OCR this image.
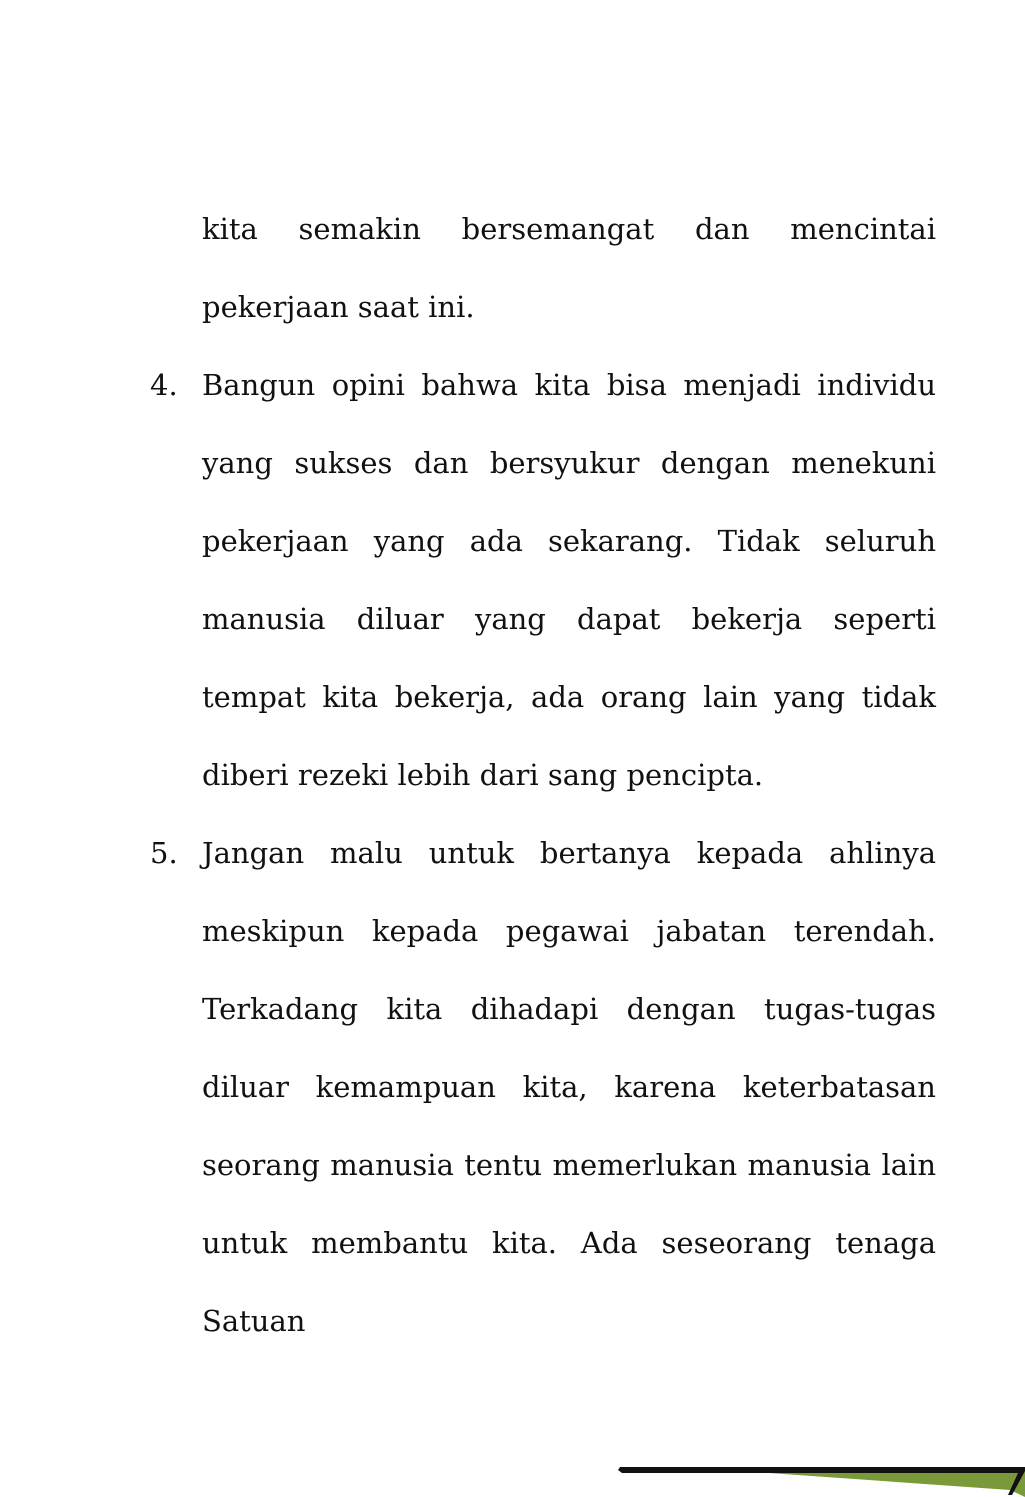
kita semakin bersemangat dan mencintai pekerjaan saat ini.

4. Bangun opini bahwa kita bisa menjadi individu yang sukses dan bersyukur dengan menekuni pekerjaan yang ada sekarang. Tidak seluruh manusia diluar yang dapat bekerja seperti tempat kita bekerja, ada orang lain yang tidak diberi rezeki lebih dari sang pencipta.

5. Jangan malu untuk bertanya kepada ahlinya meskipun kepada pegawai jabatan terendah. Terkadang kita dihadapi dengan tugas-tugas diluar kemampuan kita, karena keterbatasan seorang manusia tentu memerlukan manusia lain untuk membantu kita. Ada seseorang tenaga Satuan
